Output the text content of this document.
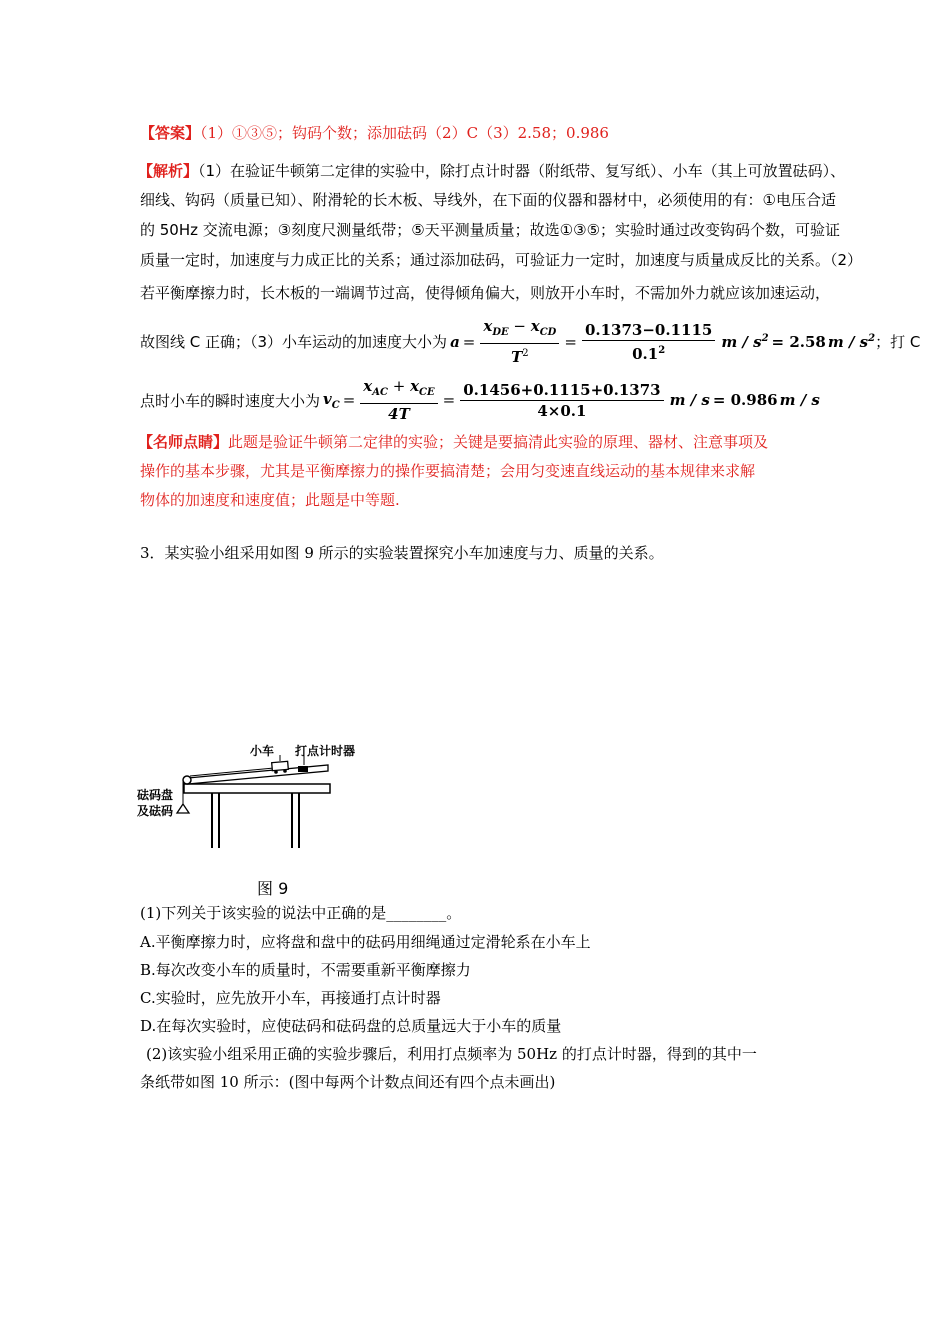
【答案】（1）①③⑤；钩码个数；添加砝码（2）C（3）2.58；0.986
【解析】（1）在验证牛顿第二定律的实验中，除打点计时器（附纸带、复写纸）、小车（其上可放置砝码）、
细线、钩码（质量已知）、附滑轮的长木板、导线外，在下面的仪器和器材中，必须使用的有：①电压合适
的 50Hz 交流电源；③刻度尺测量纸带；⑤天平测量质量；故选①③⑤；实验时通过改变钩码个数，可验证
质量一定时，加速度与力成正比的关系；通过添加砝码，可验证力一定时，加速度与质量成反比的关系。（2）
若平衡摩擦力时，长木板的一端调节过高，使得倾角偏大，则放开小车时，不需加外力就应该加速运动，
故图线 C 正确；（3）小车运动的加速度大小为 $a = \frac{x_{DE} - x_{CD}}{T^2} = \frac{0.1373-0.1115}{0.1^2}$ $m / s^2 = 2.58$ m / $s^2$ ；打 C
点时小车的瞬时速度大小为 $v_C = \frac{x_{AC} + x_{CE}}{4T} = \frac{0.1456+0.1115+0.1373}{4\times 0.1}$ m / s = 0.986 m / s
【名师点睛】此题是验证牛顿第二定律的实验；关键是要搞清此实验的原理、器材、注意事项及
操作的基本步骤，尤其是平衡摩擦力的操作要搞清楚；会用匀变速直线运动的基本规律来求解
物体的加速度和速度值；此题是中等题.
3．某实验小组采用如图 9 所示的实验装置探究小车加速度与力、质量的关系。
小车 打点计时器
砝码盘
及砝码
图 9
(1)下列关于该实验的说法中正确的是________。
A.平衡摩擦力时，应将盘和盘中的砝码用细绳通过定滑轮系在小车上
B.每次改变小车的质量时，不需要重新平衡摩擦力
C.实验时，应先放开小车，再接通打点计时器
D.在每次实验时，应使砝码和砝码盘的总质量远大于小车的质量
(2)该实验小组采用正确的实验步骤后，利用打点频率为 50Hz 的打点计时器，得到的其中一
条纸带如图 10 所示：(图中每两个计数点间还有四个点未画出)
